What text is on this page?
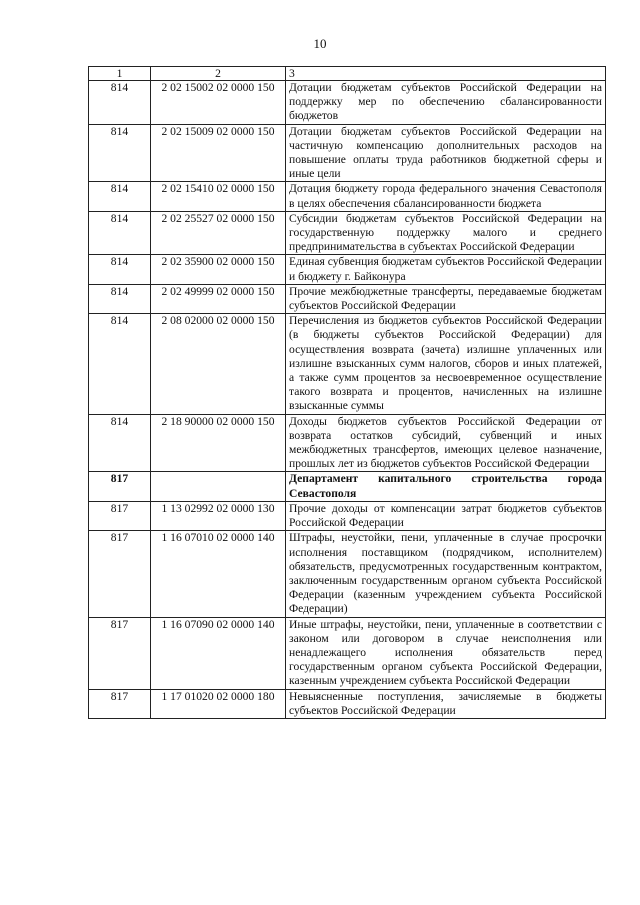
10
1	2	3
814	2 02 15002 02 0000 150	Дотации бюджетам субъектов Российской Федерации на поддержку мер по обеспечению сбалансированности бюджетов
814	2 02 15009 02 0000 150	Дотации бюджетам субъектов Российской Федерации на частичную компенсацию дополнительных расходов на повышение оплаты труда работников бюджетной сферы и иные цели
814	2 02 15410 02 0000 150	Дотация бюджету города федерального значения Севастополя в целях обеспечения сбалансированности бюджета
814	2 02 25527 02 0000 150	Субсидии бюджетам субъектов Российской Федерации на государственную поддержку малого и среднего предпринимательства в субъектах Российской Федерации
814	2 02 35900 02 0000 150	Единая субвенция бюджетам субъектов Российской Федерации и бюджету г. Байконура
814	2 02 49999 02 0000 150	Прочие межбюджетные трансферты, передаваемые бюджетам субъектов Российской Федерации
814	2 08 02000 02 0000 150	Перечисления из бюджетов субъектов Российской Федерации (в бюджеты субъектов Российской Федерации) для осуществления возврата (зачета) излишне уплаченных или излишне взысканных сумм налогов, сборов и иных платежей, а также сумм процентов за несвоевременное осуществление такого возврата и процентов, начисленных на излишне взысканные суммы
814	2 18 90000 02 0000 150	Доходы бюджетов субъектов Российской Федерации от возврата остатков субсидий, субвенций и иных межбюджетных трансфертов, имеющих целевое назначение, прошлых лет из бюджетов субъектов Российской Федерации
817		Департамент капитального строительства города Севастополя
817	1 13 02992 02 0000 130	Прочие доходы от компенсации затрат бюджетов субъектов Российской Федерации
817	1 16 07010 02 0000 140	Штрафы, неустойки, пени, уплаченные в случае просрочки исполнения поставщиком (подрядчиком, исполнителем) обязательств, предусмотренных государственным контрактом, заключенным государственным органом субъекта Российской Федерации (казенным учреждением субъекта Российской Федерации)
817	1 16 07090 02 0000 140	Иные штрафы, неустойки, пени, уплаченные в соответствии с законом или договором в случае неисполнения или ненадлежащего исполнения обязательств перед государственным органом субъекта Российской Федерации, казенным учреждением субъекта Российской Федерации
817	1 17 01020 02 0000 180	Невыясненные поступления, зачисляемые в бюджеты субъектов Российской Федерации
